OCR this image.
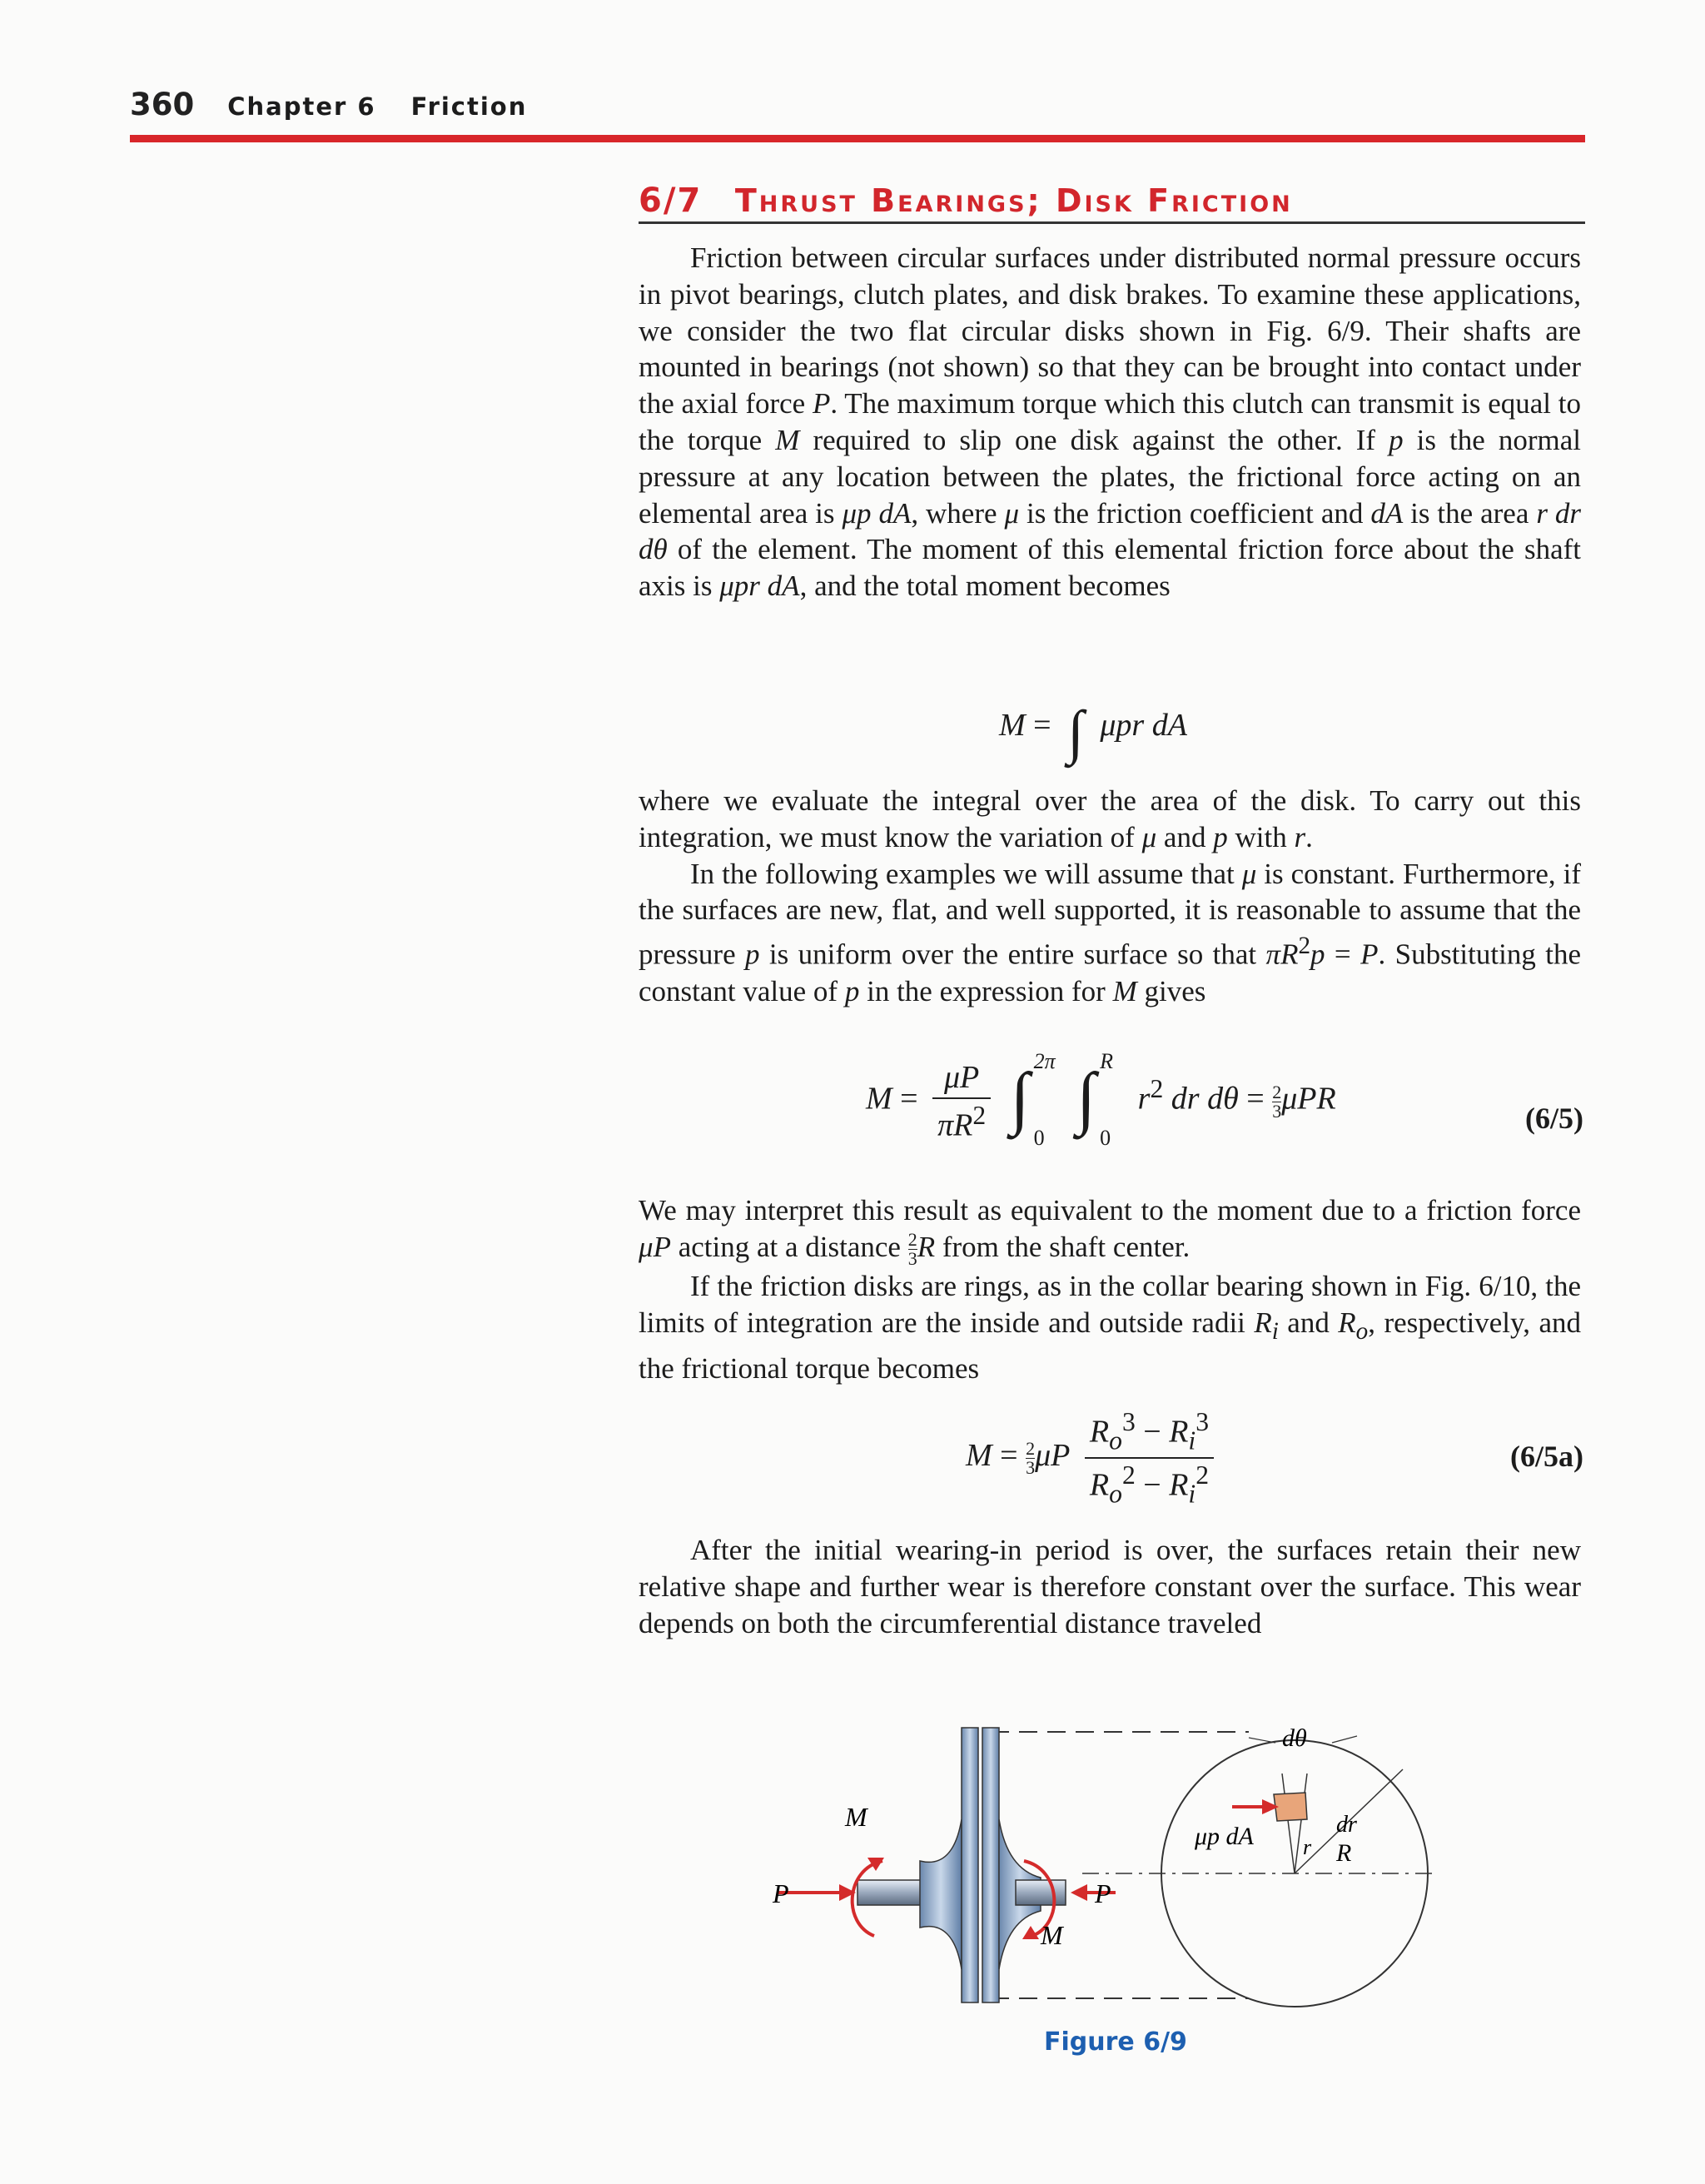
360 Chapter 6 Friction
6/7 Thrust Bearings; Disk Friction

Friction between circular surfaces under distributed normal pressure occurs in pivot bearings, clutch plates, and disk brakes. To examine these applications, we consider the two flat circular disks shown in Fig. 6/9. Their shafts are mounted in bearings (not shown) so that they can be brought into contact under the axial force P. The maximum torque which this clutch can transmit is equal to the torque M required to slip one disk against the other. If p is the normal pressure at any location between the plates, the frictional force acting on an elemental area is μp dA, where μ is the friction coefficient and dA is the area r dr dθ of the element. The moment of this elemental friction force about the shaft axis is μpr dA, and the total moment becomes

M = ∫ μpr dA

where we evaluate the integral over the area of the disk. To carry out this integration, we must know the variation of μ and p with r.
In the following examples we will assume that μ is constant. Furthermore, if the surfaces are new, flat, and well supported, it is reasonable to assume that the pressure p is uniform over the entire surface so that $\pi R^2p = P$. Substituting the constant value of p in the expression for M gives

$M = \frac{\mu P}{\pi R^2}$
∫ 2π
0

∫ R
0
$r^2$ dr $d\theta = \frac{2}{3}$ μPR
(6/5)

We may interpret this result as equivalent to the moment due to a friction force μP acting at a distance $\frac{2}{3}$ R from the shaft center.
If the friction disks are rings, as in the collar bearing shown in Fig. 6/10, the limits of integration are the inside and outside radii $R_i$ and $R_o$, respectively, and the frictional torque becomes

$M = \frac{2}{3}$ μP $\frac{R_o^3 - R_i^3}{R_o^2 - R_i^2}$	(6/5a)

After the initial wearing-in period is over, the surfaces retain their new relative shape and further wear is therefore constant over the surface. This wear depends on both the circumferential distance traveled

M
M
P	P
dθ
μp dA	dr
r R
Figure 6/9
